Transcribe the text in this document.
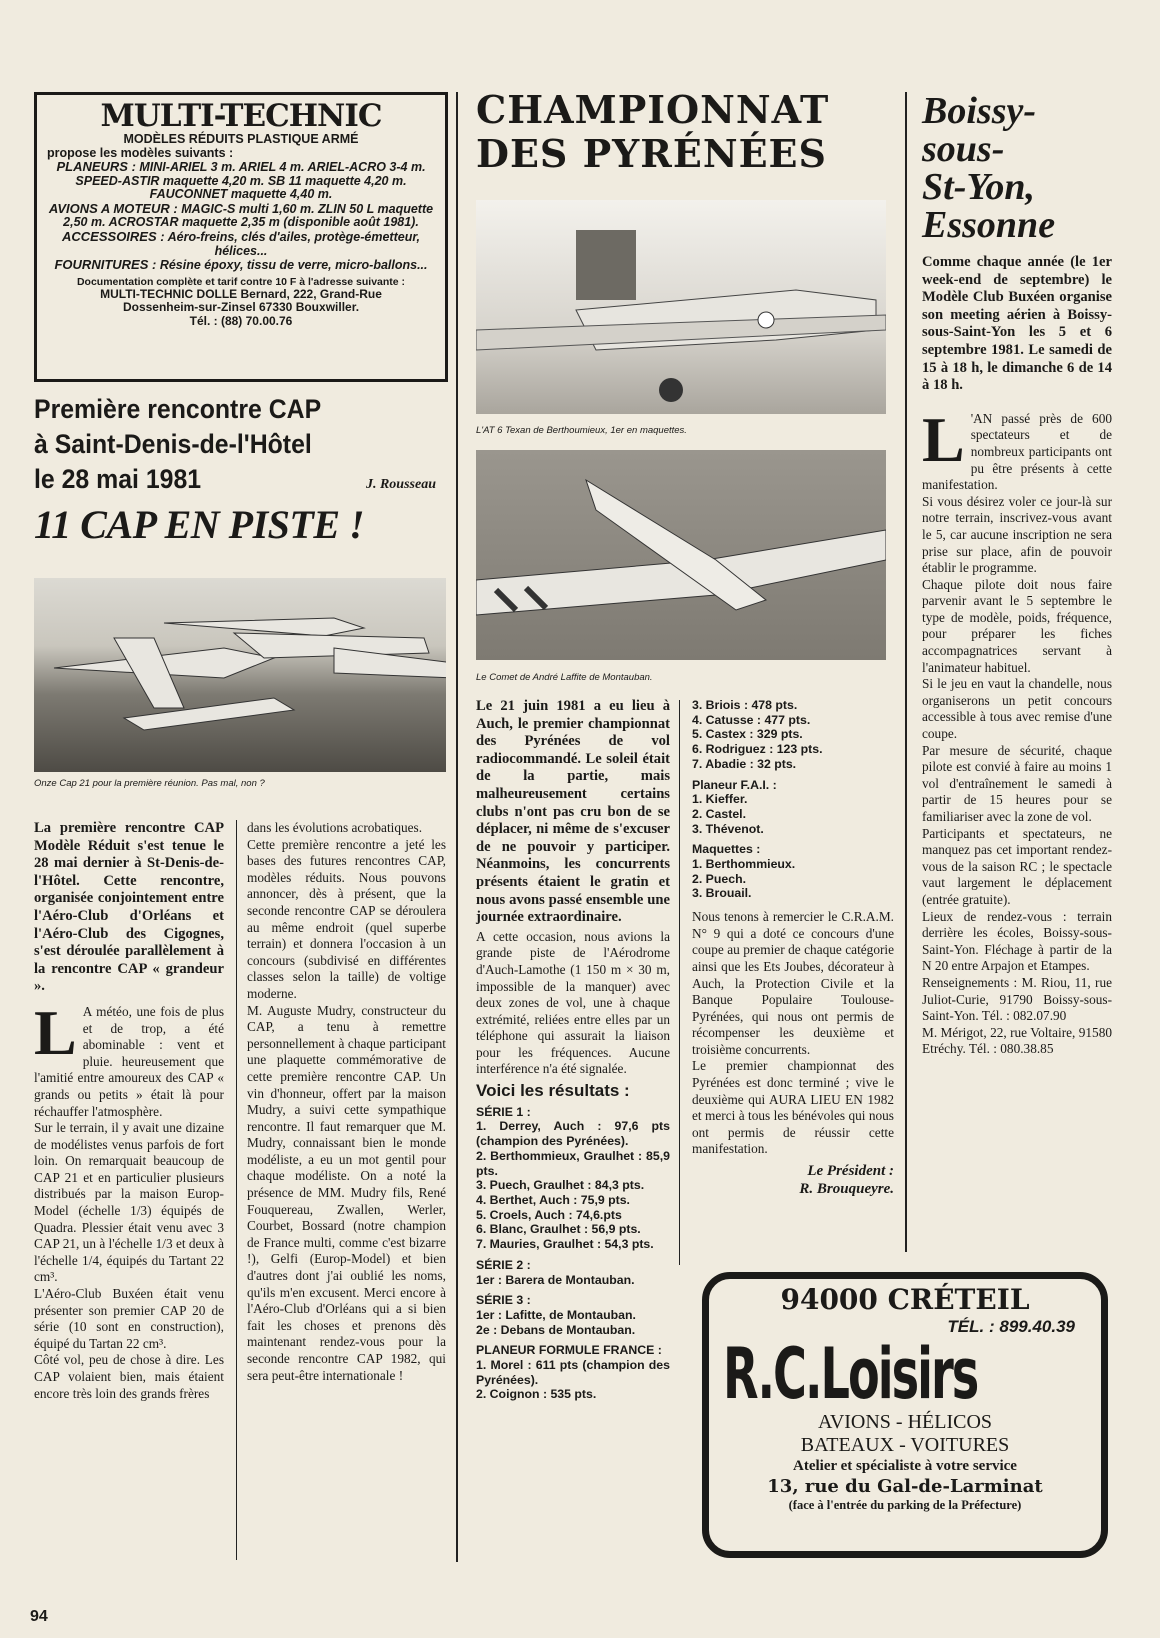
MULTI-TECHNIC
MODÈLES RÉDUITS PLASTIQUE ARMÉ
propose les modèles suivants :
PLANEURS : MINI-ARIEL 3 m. ARIEL 4 m. ARIEL-ACRO 3-4 m. SPEED-ASTIR maquette 4,20 m. SB 11 maquette 4,20 m. FAUCONNET maquette 4,40 m.
AVIONS A MOTEUR : MAGIC-S multi 1,60 m. ZLIN 50 L maquette 2,50 m. ACROSTAR maquette 2,35 m (disponible août 1981).
ACCESSOIRES : Aéro-freins, clés d'ailes, protège-émetteur, hélices...
FOURNITURES : Résine époxy, tissu de verre, micro-ballons...
Documentation complète et tarif contre 10 F à l'adresse suivante :
MULTI-TECHNIC DOLLE Bernard, 222, Grand-Rue
Dossenheim-sur-Zinsel 67330 Bouxwiller.
Tél. : (88) 70.00.76
Première rencontre CAP
à Saint-Denis-de-l'Hôtel
le 28 mai 1981	J. Rousseau
11 CAP EN PISTE !
Onze Cap 21 pour la première réunion. Pas mal, non ?

La première rencontre CAP Modèle Réduit s'est tenue le 28 mai dernier à St-Denis-de-l'Hôtel. Cette rencontre, organisée conjointement entre l'Aéro-Club d'Orléans et l'Aéro-Club des Cigognes, s'est déroulée parallèlement à la rencontre CAP « grandeur ».

L A météo, une fois de plus et de trop, a été abominable : vent et pluie. heureusement que l'amitié entre amoureux des CAP « grands ou petits » était là pour réchauffer l'atmosphère.

Sur le terrain, il y avait une dizaine de modélistes venus parfois de fort loin. On remarquait beaucoup de CAP 21 et en particulier plusieurs distribués par la maison Europ-Model (échelle 1/3) équipés de Quadra. Plessier était venu avec 3 CAP 21, un à l'échelle 1/3 et deux à l'échelle 1/4, équipés du Tartant 22 cm³.

L'Aéro-Club Buxéen était venu présenter son premier CAP 20 de série (10 sont en construction), équipé du Tartan 22 cm³.

Côté vol, peu de chose à dire. Les CAP volaient bien, mais étaient encore très loin des grands frères

dans les évolutions acrobatiques.

Cette première rencontre a jeté les bases des futures rencontres CAP, modèles réduits. Nous pouvons annoncer, dès à présent, que la seconde rencontre CAP se déroulera au même endroit (quel superbe terrain) et donnera l'occasion à un concours (subdivisé en différentes classes selon la taille) de voltige moderne.

M. Auguste Mudry, constructeur du CAP, a tenu à remettre personnellement à chaque participant une plaquette commémorative de cette première rencontre CAP. Un vin d'honneur, offert par la maison Mudry, a suivi cette sympathique rencontre. Il faut remarquer que M. Mudry, connaissant bien le monde modéliste, a eu un mot gentil pour chaque modéliste. On a noté la présence de MM. Mudry fils, René Fouquereau, Zwallen, Werler, Courbet, Bossard (notre champion de France multi, comme c'est bizarre !), Gelfi (Europ-Model) et bien d'autres dont j'ai oublié les noms, qu'ils m'en excusent. Merci encore à l'Aéro-Club d'Orléans qui a si bien fait les choses et prenons dès maintenant rendez-vous pour la seconde rencontre CAP 1982, qui sera peut-être internationale !

CHAMPIONNAT
DES PYRÉNÉES
L'AT 6 Texan de Berthoumieux, 1er en maquettes.
Le Comet de André Laffite de Montauban.

Le 21 juin 1981 a eu lieu à Auch, le premier championnat des Pyrénées de vol radiocommandé. Le soleil était de la partie, mais malheureusement certains clubs n'ont pas cru bon de se déplacer, ni même de s'excuser de ne pouvoir y participer. Néanmoins, les concurrents présents étaient le gratin et nous avons passé ensemble une journée extraordinaire.

A cette occasion, nous avions la grande piste de l'Aérodrome d'Auch-Lamothe (1 150 m × 30 m, impossible de la manquer) avec deux zones de vol, une à chaque extrémité, reliées entre elles par un téléphone qui assurait la liaison pour les fréquences. Aucune interférence n'a été signalée.

Voici les résultats :
SÉRIE 1 :
1. Derrey, Auch : 97,6 pts (champion des Pyrénées).
2. Berthommieux, Graulhet : 85,9 pts.
3. Puech, Graulhet : 84,3 pts.
4. Berthet, Auch : 75,9 pts.
5. Croels, Auch : 74,6.pts
6. Blanc, Graulhet : 56,9 pts.
7. Mauries, Graulhet : 54,3 pts.
SÉRIE 2 :
1er : Barera de Montauban.
SÉRIE 3 :
1er : Lafitte, de Montauban.
2e : Debans de Montauban.
PLANEUR FORMULE FRANCE :
1. Morel : 611 pts (champion des Pyrénées).
2. Coignon : 535 pts.
3. Briois : 478 pts.
4. Catusse : 477 pts.
5. Castex : 329 pts.
6. Rodriguez : 123 pts.
7. Abadie : 32 pts.
Planeur F.A.I. :
1. Kieffer.
2. Castel.
3. Thévenot.
Maquettes :
1. Berthommieux.
2. Puech.
3. Brouail.

Nous tenons à remercier le C.R.A.M. N° 9 qui a doté ce concours d'une coupe au premier de chaque catégorie ainsi que les Ets Joubes, décorateur à Auch, la Protection Civile et la Banque Populaire Toulouse-Pyrénées, qui nous ont permis de récompenser les deuxième et troisième concurrents.

Le premier championnat des Pyrénées est donc terminé ; vive le deuxième qui AURA LIEU EN 1982 et merci à tous les bénévoles qui nous ont permis de réussir cette manifestation.

Le Président :
R. Brouqueyre.
Boissy-
sous-
St-Yon,
Essonne

Comme chaque année (le 1er week-end de septembre) le Modèle Club Buxéen organise son meeting aérien à Boissy-sous-Saint-Yon les 5 et 6 septembre 1981. Le samedi de 15 à 18 h, le dimanche 6 de 14 à 18 h.

L 'AN passé près de 600 spectateurs et de nombreux participants ont pu être présents à cette manifestation.

Si vous désirez voler ce jour-là sur notre terrain, inscrivez-vous avant le 5, car aucune inscription ne sera prise sur place, afin de pouvoir établir le programme.

Chaque pilote doit nous faire parvenir avant le 5 septembre le type de modèle, poids, fréquence, pour préparer les fiches accompagnatrices servant à l'animateur habituel.

Si le jeu en vaut la chandelle, nous organiserons un petit concours accessible à tous avec remise d'une coupe.

Par mesure de sécurité, chaque pilote est convié à faire au moins 1 vol d'entraînement le samedi à partir de 15 heures pour se familiariser avec la zone de vol.

Participants et spectateurs, ne manquez pas cet important rendez-vous de la saison RC ; le spectacle vaut largement le déplacement (entrée gratuite).

Lieux de rendez-vous : terrain derrière les écoles, Boissy-sous-Saint-Yon. Fléchage à partir de la N 20 entre Arpajon et Etampes.

Renseignements : M. Riou, 11, rue Juliot-Curie, 91790 Boissy-sous-Saint-Yon. Tél. : 082.07.90

M. Mérigot, 22, rue Voltaire, 91580 Etréchy. Tél. : 080.38.85

94000 CRÉTEIL
TÉL. : 899.40.39
R.C.Loisirs
AVIONS - HÉLICOS
BATEAUX - VOITURES
Atelier et spécialiste à votre service
13, rue du Gal-de-Larminat
(face à l'entrée du parking de la Préfecture)
94
